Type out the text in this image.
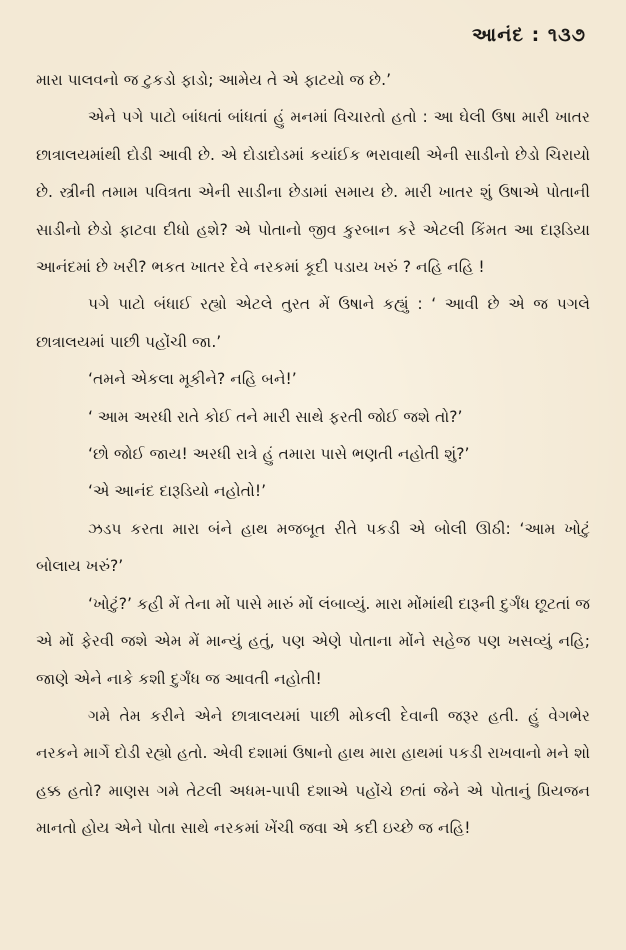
આનંદ : ૧૩૭

મારા પાલવનો જ ટુકડો ફાડો; આમેય તે એ ફાટયો જ છે.’

એને પગે પાટો બાંધતાં બાંધતાં હું મનમાં વિચારતો હતો : આ ઘેલી ઉષા મારી ખાતર છાત્રાલયમાંથી દોડી આવી છે. એ દોડાદોડમાં કયાંઈક ભરાવાથી એની સાડીનો છેડો ચિરાયો છે. સ્ત્રીની તમામ પવિત્રતા એની સાડીના છેડામાં સમાય છે. મારી ખાતર શું ઉષાએ પોતાની સાડીનો છેડો ફાટવા દીધો હશે? એ પોતાનો જીવ કુરબાન કરે એટલી કિંમત આ દારૂડિયા આનંદમાં છે ખરી? ભકત ખાતર દેવે નરકમાં કૂદી પડાય ખરું ? નહિ નહિ !

પગે પાટો બંધાઈ રહ્યો એટલે તુરત મેં ઉષાને કહ્યું : ‘ આવી છે એ જ પગલે છાત્રાલયમાં પાછી પહોંચી જા.’

‘તમને એકલા મૂકીને? નહિ બને!’

‘ આમ અરધી રાતે કોઈ તને મારી સાથે ફરતી જોઈ જશે તો?’

‘છો જોઈ જાય! અરધી રાત્રે હું તમારા પાસે ભણતી નહોતી શું?’

‘એ આનંદ દારૂડિયો નહોતો!’

ઝડપ કરતા મારા બંને હાથ મજબૂત રીતે પકડી એ બોલી ઊઠી: ‘આમ ખોટું બોલાય ખરું?’

‘ખોટું?’ કહી મેં તેના મોં પાસે મારું મોં લંબાવ્યું. મારા મોંમાંથી દારૂની દુર્ગંધ છૂટતાં જ એ મોં ફેરવી જશે એમ મેં માન્યું હતું, પણ એણે પોતાના મોંને સહેજ પણ ખસવ્યું નહિ; જાણે એને નાકે કશી દુર્ગંધ જ આવતી નહોતી!

ગમે તેમ કરીને એને છાત્રાલયમાં પાછી મોકલી દેવાની જરૂર હતી. હું વેગભેર નરકને માર્ગે દોડી રહ્યો હતો. એવી દશામાં ઉષાનો હાથ મારા હાથમાં પકડી રાખવાનો મને શો હક્ક હતો? માણસ ગમે તેટલી અધમ-પાપી દશાએ પહોંચે છતાં જેને એ પોતાનું પ્રિયજન માનતો હોય એને પોતા સાથે નરકમાં ખેંચી જવા એ કદી ઇચ્છે જ નહિ!
